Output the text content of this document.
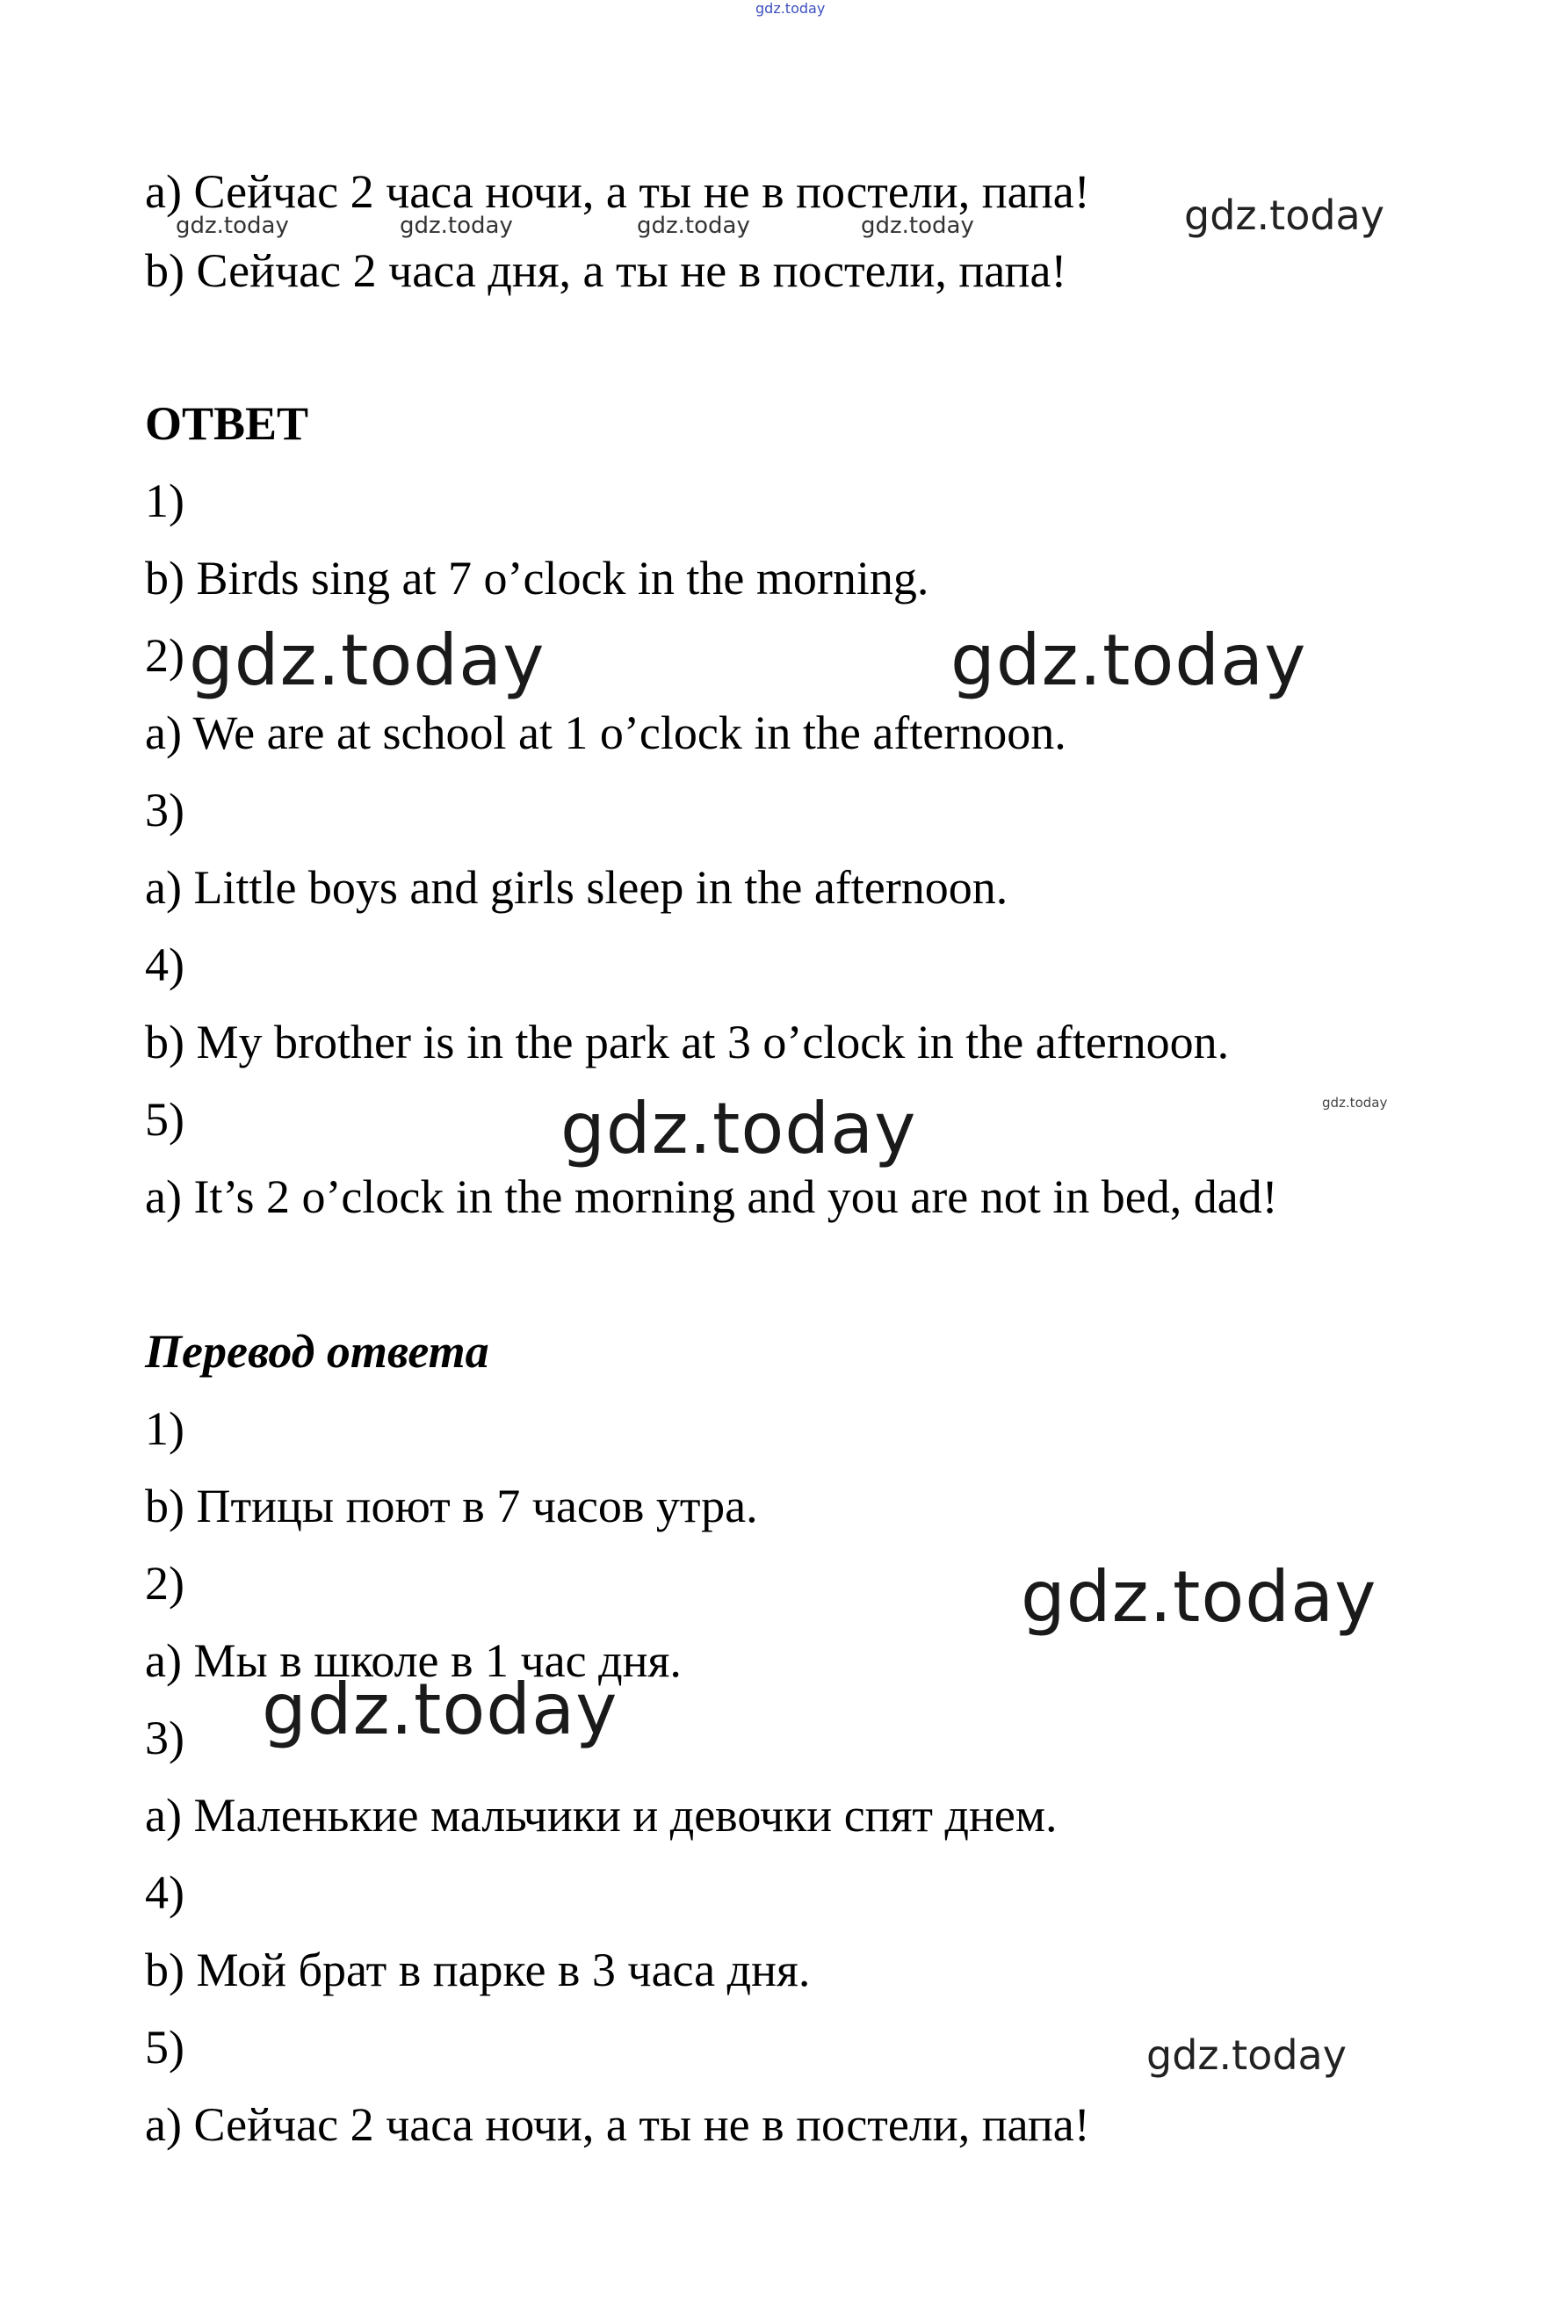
gdz.today
a) Сейчас 2 часа ночи, а ты не в постели, папа!
gdz.today	gdz.today	gdz.today	gdz.today	gdz.today
b) Сейчас 2 часа дня, а ты не в постели, папа!
ОТВЕТ
1)
b) Birds sing at 7 o’clock in the morning.
2) gdz.today	gdz.today
a) We are at school at 1 o’clock in the afternoon.
3)
a) Little boys and girls sleep in the afternoon.
4)
b) My brother is in the park at 3 o’clock in the afternoon.
5)	gdz.today	gdz.today
a) It’s 2 o’clock in the morning and you are not in bed, dad!
Перевод ответа
1)
b) Птицы поют в 7 часов утра.
2)	gdz.today
a) Мы в школе в 1 час дня.
3) gdz.today
a) Маленькие мальчики и девочки спят днем.
4)
b) Мой брат в парке в 3 часа дня.
5)	gdz.today
a) Сейчас 2 часа ночи, а ты не в постели, папа!
